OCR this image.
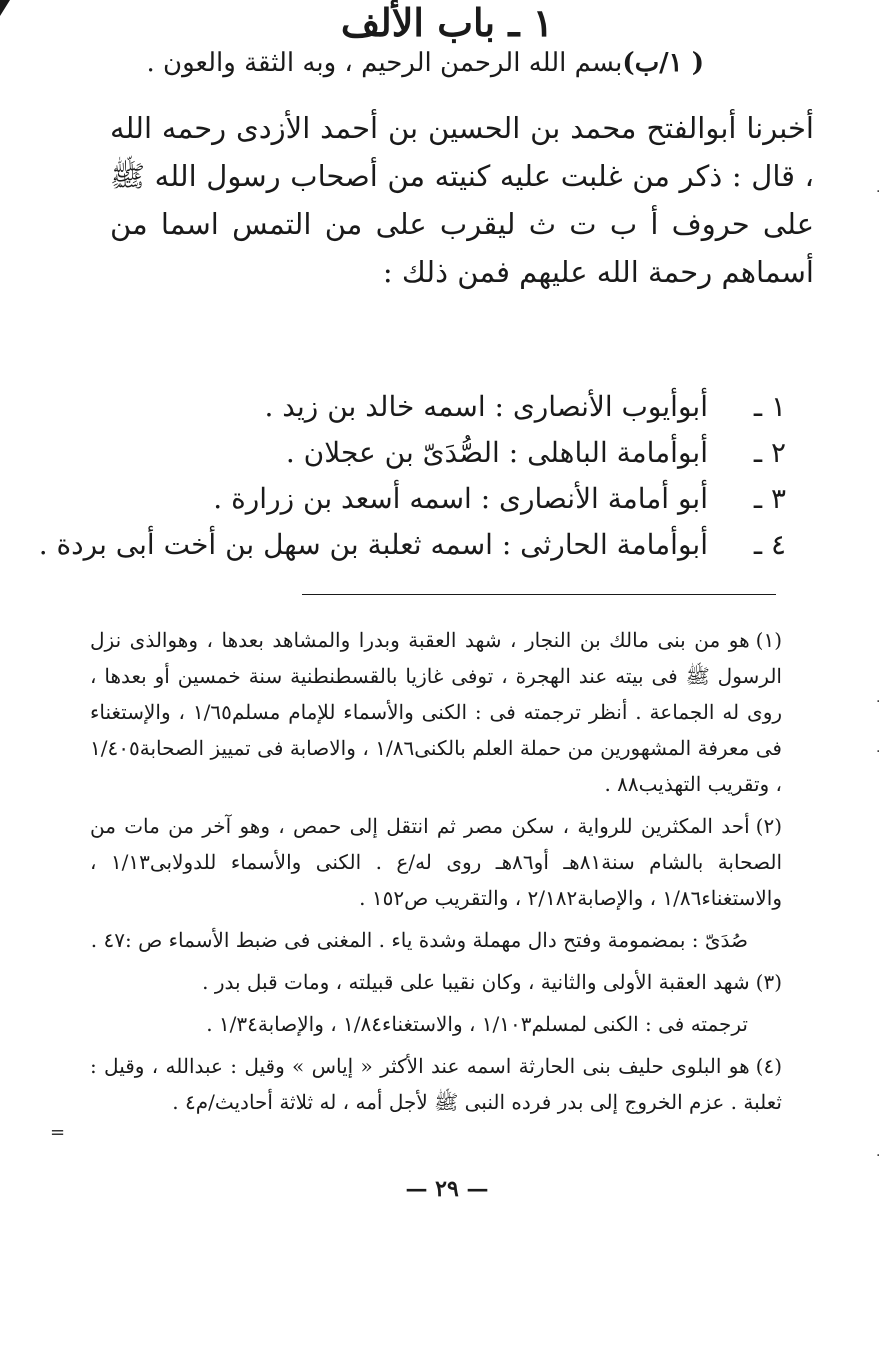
( ١/ب)بسم الله الرحمن الرحيم ، وبه الثقة والعون .
أخبرنا أبوالفتح محمد بن الحسين بن أحمد الأزدى رحمه الله ، قال : ذكر من غلبت عليه كنيته من أصحاب رسول الله ﷺ على حروف أ ب ت ث ليقرب على من التمس اسما من أسماهم رحمة الله عليهم فمن ذلك :
١ ـ باب الألف
١ ـ
أبوأيوب الأنصارى : اسمه خالد بن زيد .
٢ ـ
أبوأمامة الباهلى : الصُّدَىّ بن عجلان .
٣ ـ
أبو أمامة الأنصارى : اسمه أسعد بن زرارة .
٤ ـ
أبوأمامة الحارثى : اسمه ثعلبة بن سهل بن أخت أبى بردة .

(١)هو من بنى مالك بن النجار ، شهد العقبة وبدرا والمشاهد بعدها ، وهوالذى نزل الرسول ﷺ فى بيته عند الهجرة ، توفى غازيا بالقسطنطنية سنة خمسين أو بعدها ، روى له الجماعة . أنظر ترجمته فى : الكنى والأسماء للإمام مسلم١/٦٥ ، والإستغناء فى معرفة المشهورين من حملة العلم بالكنى١/٨٦ ، والاصابة فى تمييز الصحابة١/٤٠٥ ، وتقريب التهذيب٨٨ .

(٢)أحد المكثرين للرواية ، سكن مصر ثم انتقل إلى حمص ، وهو آخر من مات من الصحابة بالشام سنة٨١هـ أو٨٦هـ روى له/ع . الكنى والأسماء للدولابى١/١٣ ، والاستغناء١/٨٦ ، والإصابة٢/١٨٢ ، والتقريب ص١٥٢ .

صُدَىّ : بمضمومة وفتح دال مهملة وشدة ياء . المغنى فى ضبط الأسماء ص :٤٧ .

(٣)شهد العقبة الأولى والثانية ، وكان نقيبا على قبيلته ، ومات قبل بدر .

ترجمته فى : الكنى لمسلم١/١٠٣ ، والاستغناء١/٨٤ ، والإصابة١/٣٤ .

(٤)هو البلوى حليف بنى الحارثة اسمه عند الأكثر « إياس » وقيل : عبدالله ، وقيل : ثعلبة . عزم الخروج إلى بدر فرده النبى ﷺ لأجل أمه ، له ثلاثة أحاديث/م٤ .

— ٢٩ —
=
.
.
.
.
